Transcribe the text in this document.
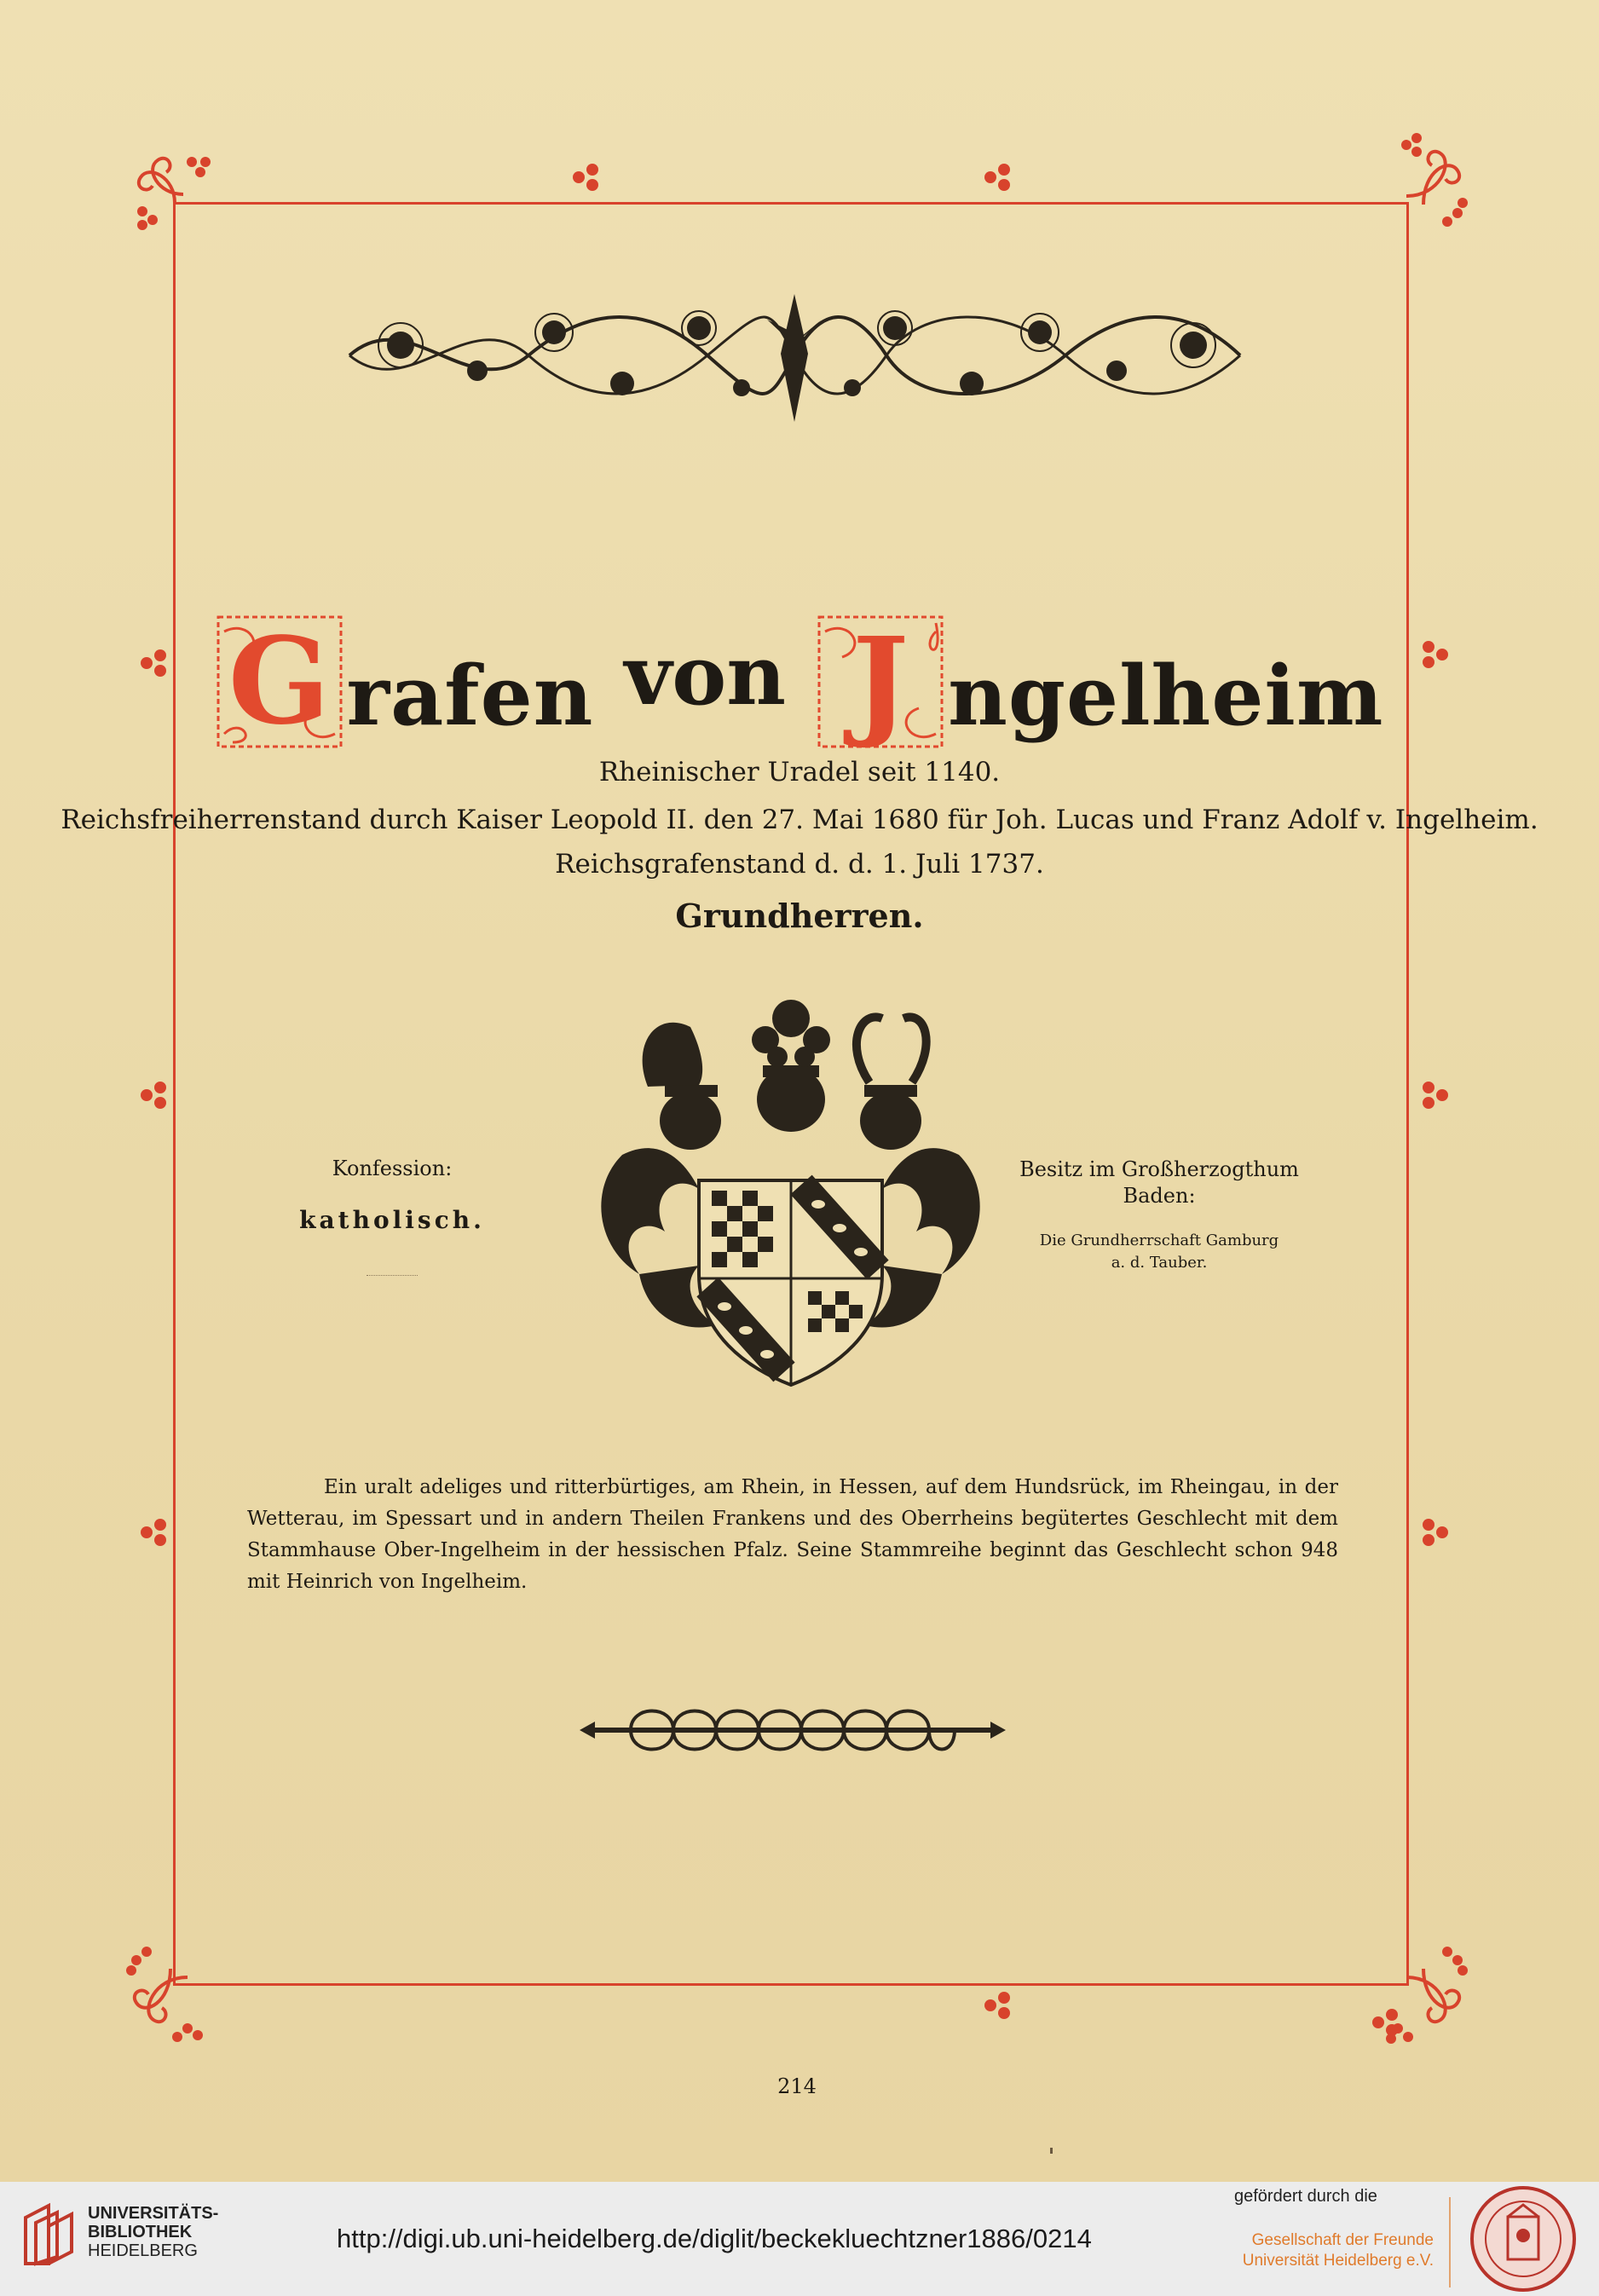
G rafen von J ngelheim
Rheinischer Uradel seit 1140.
Reichsfreiherrenstand durch Kaiser Leopold II. den 27. Mai 1680 für Joh. Lucas und Franz Adolf v. Ingelheim.
Reichsgrafenstand d. d. 1. Juli 1737.
Grundherren.
Konfession:
katholisch.
Besitz im Großherzogthum
Baden:
Die Grundherrschaft Gamburg
a. d. Tauber.

Ein uralt adeliges und ritterbürtiges, am Rhein, in Hessen, auf dem Hundsrück, im Rheingau, in der Wetterau, im Spessart und in andern Theilen Frankens und des Oberrheins begütertes Geschlecht mit dem Stammhause Ober-Ingelheim in der hessischen Pfalz. Seine Stammreihe beginnt das Geschlecht schon 948 mit Heinrich von Ingelheim.

214
UNIVERSITÄTS-
BIBLIOTHEK
HEIDELBERG	http://digi.ub.uni-heidelberg.de/diglit/beckekluechtzner1886/0214
gefördert durch die
Gesellschaft der Freunde
Universität Heidelberg e.V.
